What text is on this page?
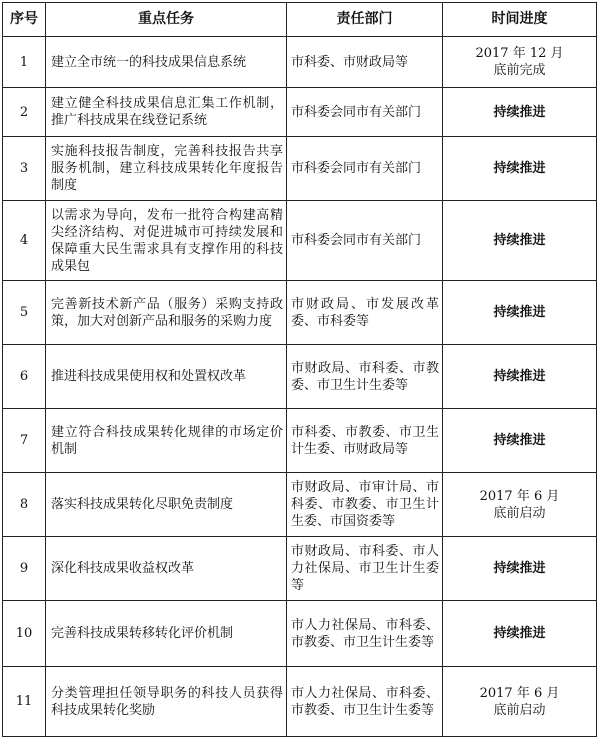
序号	重点任务	责任部门	时间进度
1	建立全市统一的科技成果信息系统	市科委、市财政局等	2017 年 12 月
底前完成
2	建立健全科技成果信息汇集工作机制，推广科技成果在线登记系统	市科委会同市有关部门	持续推进
3	实施科技报告制度，完善科技报告共享服务机制，建立科技成果转化年度报告制度	市科委会同市有关部门	持续推进
4	以需求为导向，发布一批符合构建高精尖经济结构、对促进城市可持续发展和保障重大民生需求具有支撑作用的科技成果包	市科委会同市有关部门	持续推进
5	完善新技术新产品（服务）采购支持政策，加大对创新产品和服务的采购力度	市财政局、市发展改革委、市科委等	持续推进
6	推进科技成果使用权和处置权改革	市财政局、市科委、市教委、市卫生计生委等	持续推进
7	建立符合科技成果转化规律的市场定价机制	市科委、市教委、市卫生计生委、市财政局等	持续推进
8	落实科技成果转化尽职免责制度	市财政局、市审计局、市科委、市教委、市卫生计生委、市国资委等	2017 年 6 月
底前启动
9	深化科技成果收益权改革	市财政局、市科委、市人力社保局、市卫生计生委等	持续推进
10	完善科技成果转移转化评价机制	市人力社保局、市科委、市教委、市卫生计生委等	持续推进
11	分类管理担任领导职务的科技人员获得科技成果转化奖励	市人力社保局、市科委、市教委、市卫生计生委等	2017 年 6 月
底前启动
